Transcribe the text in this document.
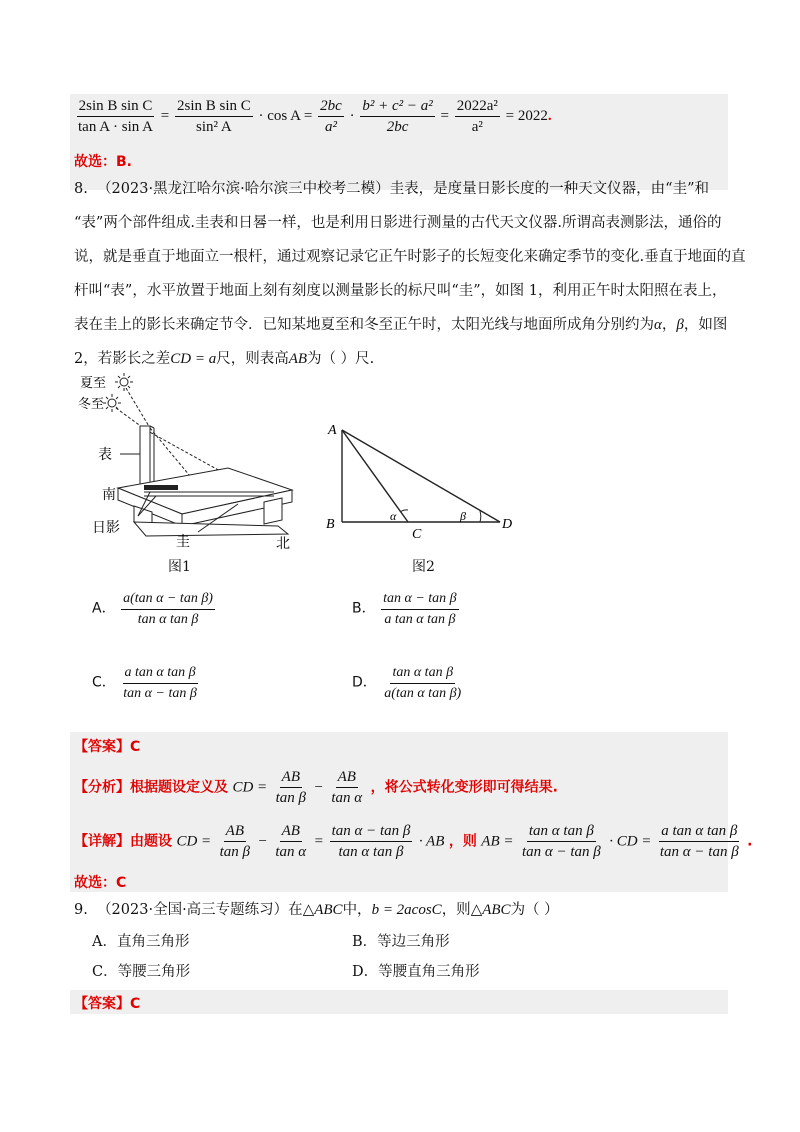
$\frac{\text{2sin B sin C}}{\text{tan A · sin A}} = \frac{\text{2sin B sin C}}{\text{sin² A}} \cdot \cos A = \frac{2bc}{\text{a²}} \cdot \frac{\text{b² + c² − a²}}{2bc} = \frac{\text{2022a²}}{\text{a²}} = 2022$.
故选：B.
8. （2023·黑龙江哈尔滨·哈尔滨三中校考二模）圭表，是度量日影长度的一种天文仪器，由“圭”和
“表”两个部件组成.圭表和日晷一样，也是利用日影进行测量的古代天文仪器.所谓高表测影法，通俗的
说，就是垂直于地面立一根杆，通过观察记录它正午时影子的长短变化来确定季节的变化.垂直于地面的直
杆叫“表”，水平放置于地面上刻有刻度以测量影长的标尺叫“圭”，如图 1，利用正午时太阳照在表上，
表在圭上的影长来确定节令．已知某地夏至和冬至正午时，太阳光线与地面所成角分别约为α，β，如图
2，若影长之差CD = a尺，则表高AB为（ ）尺.
夏至
冬至
表
南
日影
圭	北
图1
A
B
C
D
α	β
图2
A． $\frac{\text{a(tan α − tan β)}}{\text{tan α tan β}}$	B． $\frac{\text{tan α − tan β}}{\text{a tan α tan β}}$
C． $\frac{\text{a tan α tan β}}{\text{tan α − tan β}}$	D． $\frac{\text{tan α tan β}}{\text{a(tan α tan β)}}$
【答案】C
【分析】根据题设定义及 CD = $\frac{AB}{\text{tan β}} - \frac{AB}{\text{tan α}}$ ，将公式转化变形即可得结果.
【详解】由题设 CD = $\frac{AB}{\text{tan β}} - \frac{AB}{\text{tan α}} = \frac{\text{tan α − tan β}}{\text{tan α tan β}}$ · AB ，则 AB = $\frac{\text{tan α tan β}}{\text{tan α − tan β}}$ · CD = $\frac{\text{a tan α tan β}}{\text{tan α − tan β}}$ .
故选：C
9. （2023·全国·高三专题练习）在△ABC中，b = 2acosC，则△ABC为（ ）
A．直角三角形	B．等边三角形
C．等腰三角形	D．等腰直角三角形
【答案】C
